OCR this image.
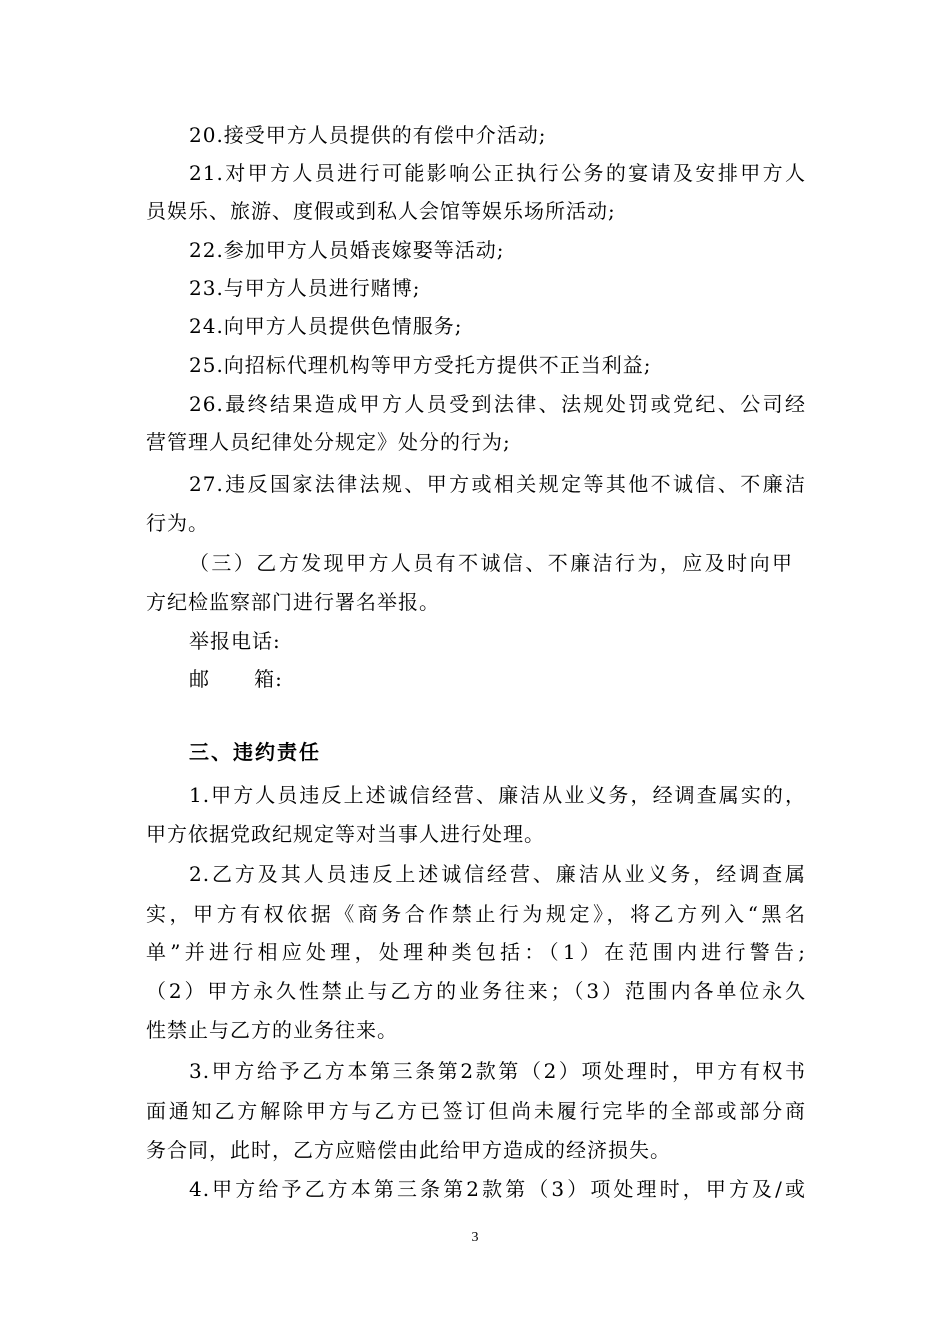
20.接受甲方人员提供的有偿中介活动;

21.对甲方人员进行可能影响公正执行公务的宴请及安排甲方人

员娱乐、旅游、度假或到私人会馆等娱乐场所活动;

22.参加甲方人员婚丧嫁娶等活动;

23.与甲方人员进行赌博;

24.向甲方人员提供色情服务;

25.向招标代理机构等甲方受托方提供不正当利益;

26.最终结果造成甲方人员受到法律、法规处罚或党纪、公司经

营管理人员纪律处分规定》处分的行为;

27.违反国家法律法规、甲方或相关规定等其他不诚信、不廉洁

行为。

（三）乙方发现甲方人员有不诚信、不廉洁行为，应及时向甲

方纪检监察部门进行署名举报。

举报电话:

邮      箱:

三、违约责任

1.甲方人员违反上述诚信经营、廉洁从业义务，经调查属实的，

甲方依据党政纪规定等对当事人进行处理。

2.乙方及其人员违反上述诚信经营、廉洁从业义务，经调查属

实，甲方有权依据《商务合作禁止行为规定》，将乙方列入“黑名

单”并进行相应处理，处理种类包括：（1）在范围内进行警告;

（2）甲方永久性禁止与乙方的业务往来；（3）范围内各单位永久

性禁止与乙方的业务往来。

3.甲方给予乙方本第三条第2款第（2）项处理时，甲方有权书

面通知乙方解除甲方与乙方已签订但尚未履行完毕的全部或部分商

务合同，此时，乙方应赔偿由此给甲方造成的经济损失。

4.甲方给予乙方本第三条第2款第（3）项处理时，甲方及/或

3
